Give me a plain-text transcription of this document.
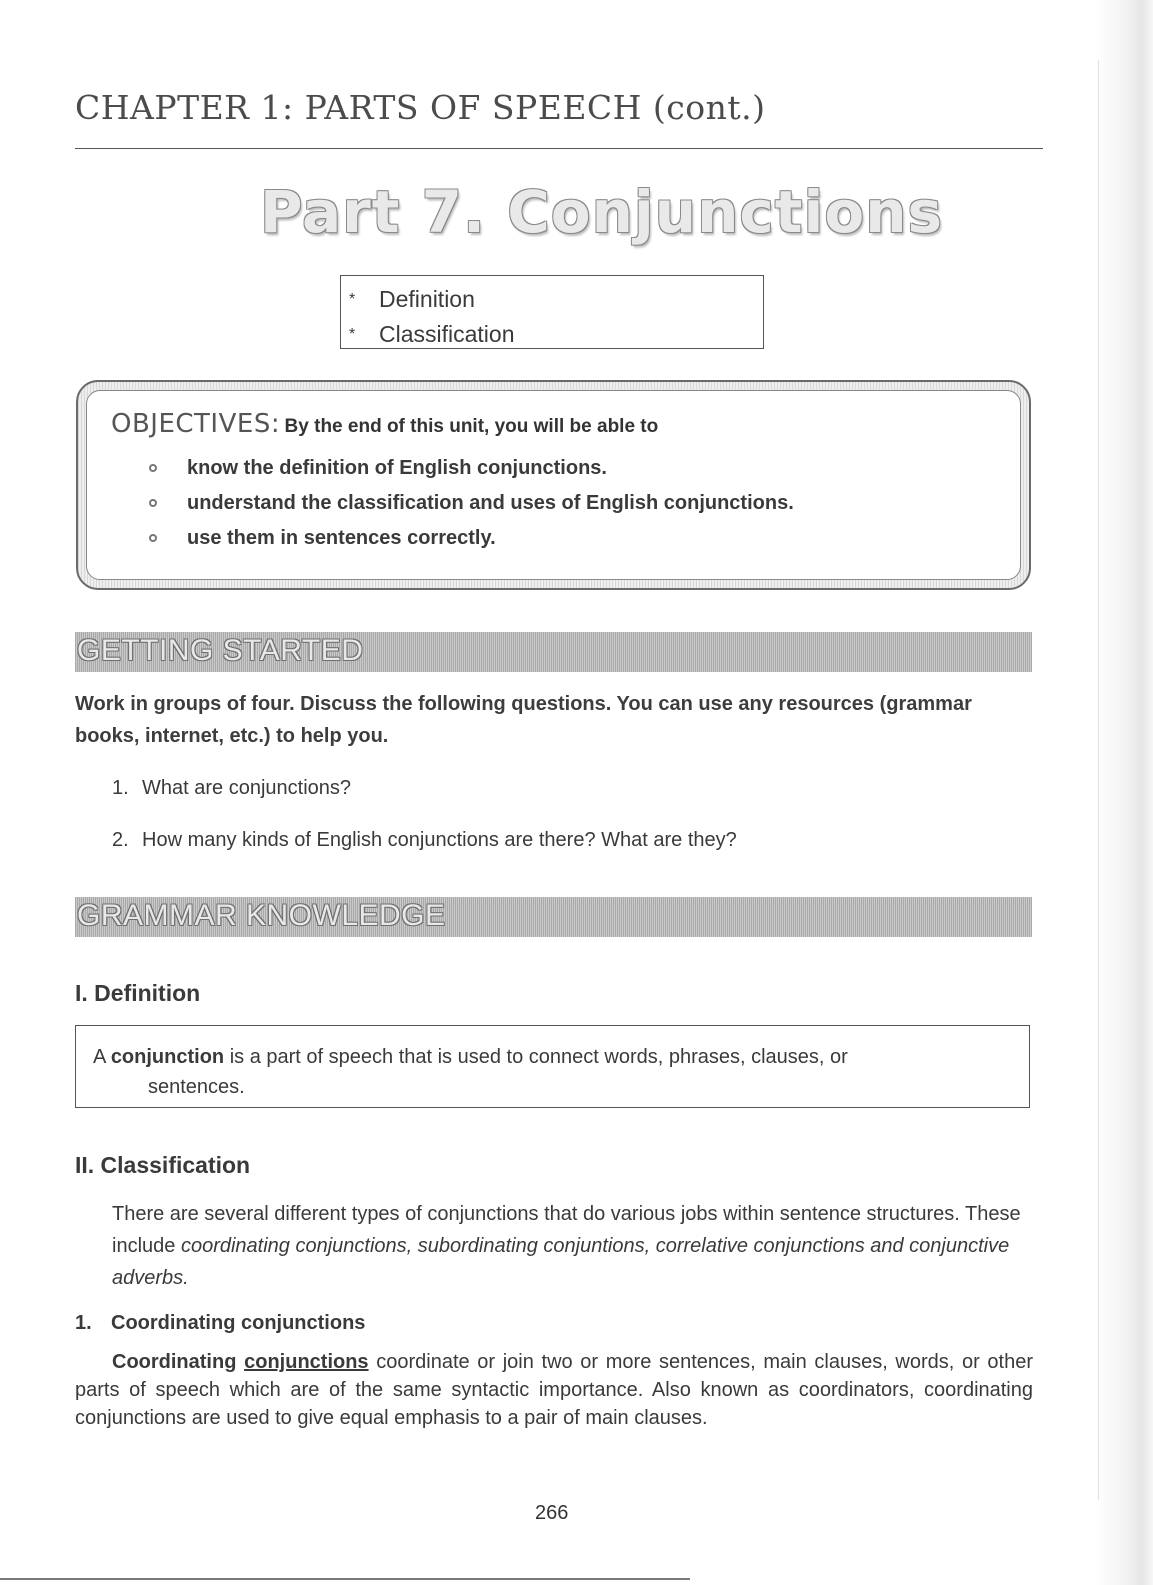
CHAPTER 1: PARTS OF SPEECH (cont.)
Part 7. Conjunctions
* Definition
* Classification
OBJECTIVES: By the end of this unit, you will be able to
know the definition of English conjunctions.
understand the classification and uses of English conjunctions.
use them in sentences correctly.
GETTING STARTED

Work in groups of four. Discuss the following questions. You can use any resources (grammar books, internet, etc.) to help you.

1. What are conjunctions?

2. How many kinds of English conjunctions are there? What are they?

GRAMMAR KNOWLEDGE
I. Definition
A conjunction is a part of speech that is used to connect words, phrases, clauses, or
sentences.
II. Classification

There are several different types of conjunctions that do various jobs within sentence structures. These include coordinating conjunctions, subordinating conjuntions, correlative conjunctions and conjunctive adverbs.

1. Coordinating conjunctions

Coordinating conjunctions coordinate or join two or more sentences, main clauses, words, or other parts of speech which are of the same syntactic importance. Also known as coordinators, coordinating conjunctions are used to give equal emphasis to a pair of main clauses.

266
